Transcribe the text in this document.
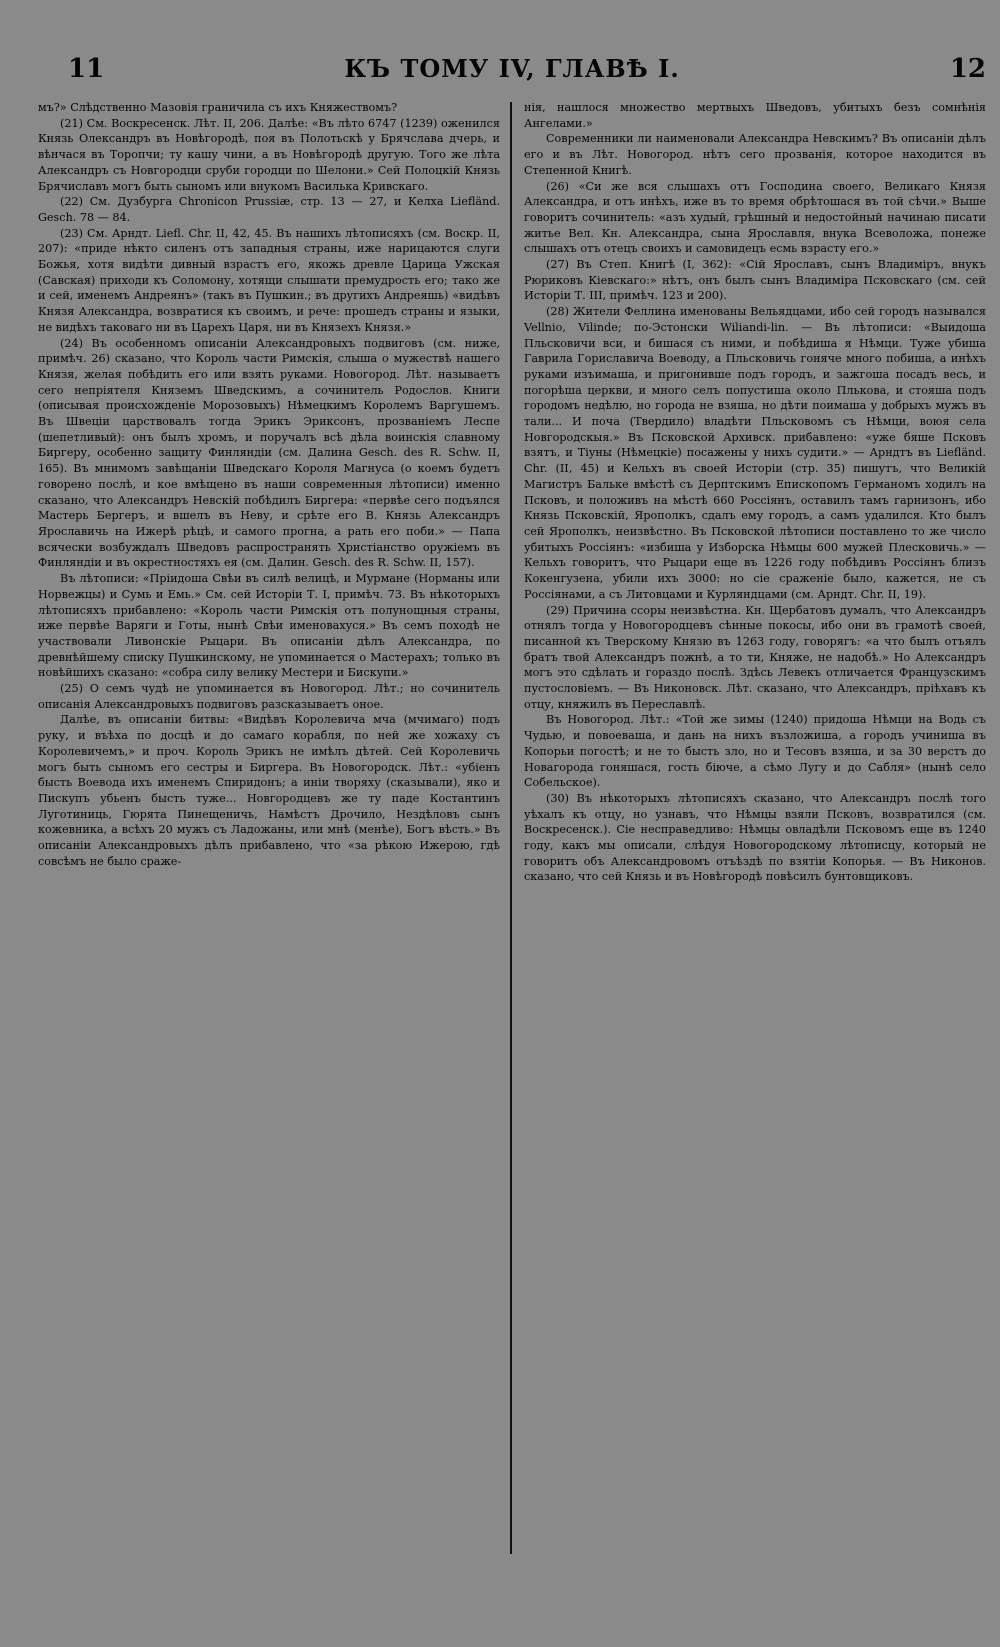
11	КЪ ТОМУ IV, ГЛАВѢ I.	12

мъ?» Слѣдственно Мазовія граничила съ ихъ Княжествомъ?

(21) См. Воскресенск. Лѣт. II, 206. Далѣе: «Въ лѣто 6747 (1239) оженился Князь Олександръ въ Новѣгородѣ, поя въ Полотьскѣ у Брячслава дчерь, и вѣнчася въ Торопчи; ту кашу чини, а въ Новѣгородѣ другую. Того же лѣта Александръ съ Новгородци сруби городци по Шелони.» Сей Полоцкій Князь Брячиславъ могъ быть сыномъ или внукомъ Василька Кривскаго.

(22) См. Дузбурга Chronicon Prussiæ, стр. 13 — 27, и Келха Liefländ. Gesch. 78 — 84.

(23) См. Арндт. Liefl. Chr. II, 42, 45. Въ нашихъ лѣтописяхъ (см. Воскр. II, 207): «приде нѣкто силенъ отъ западныя страны, иже нарицаются слуги Божья, хотя видѣти дивный взрастъ его, якожь древле Царица Ужская (Савская) приходи къ Соломону, хотящи слышати премудрость его; тако же и сей, именемъ Андреянъ» (такъ въ Пушкин.; въ другихъ Андреяшь) «видѣвъ Князя Александра, возвратися къ своимъ, и рече: прошедъ страны и языки, не видѣхъ таковаго ни въ Царехъ Царя, ни въ Князехъ Князя.»

(24) Въ особенномъ описаніи Александровыхъ подвиговъ (см. ниже, примѣч. 26) сказано, что Король части Римскія, слыша о мужествѣ нашего Князя, желая побѣдить его или взять руками. Новогород. Лѣт. называетъ сего непріятеля Княземъ Шведскимъ, а сочинитель Родослов. Книги (описывая происхожденіе Морозовыхъ) Нѣмецкимъ Королемъ Варгушемъ. Въ Швеціи царствовалъ тогда Эрикъ Эриксонъ, прозваніемъ Леспе (шепетливый): онъ былъ хромъ, и поручалъ всѣ дѣла воинскія славному Биргеру, особенно защиту Финляндіи (см. Далина Gesch. des R. Schw. II, 165). Въ мнимомъ завѣщаніи Шведскаго Короля Магнуса (о коемъ будетъ говорено послѣ, и кое вмѣщено въ наши современныя лѣтописи) именно сказано, что Александръ Невскій побѣдилъ Биргера: «первѣе сего подъялся Мастерь Бергеръ, и вшелъ въ Неву, и срѣте его В. Князь Александръ Ярославичь на Ижерѣ рѣцѣ, и самого прогна, а рать его поби.» — Папа всячески возбуждалъ Шведовъ распространять Христіанство оружіемъ въ Финляндіи и въ окрестностяхъ ея (см. Далин. Gesch. des R. Schw. II, 157).

Въ лѣтописи: «Пріидоша Свѣи въ силѣ велицѣ, и Мурмане (Норманы или Норвежцы) и Сумь и Емь.» См. сей Исторіи Т. I, примѣч. 73. Въ нѣкоторыхъ лѣтописяхъ прибавлено: «Король части Римскія отъ полунощныя страны, иже первѣе Варяги и Готы, нынѣ Свѣи именовахуся.» Въ семъ походѣ не участвовали Ливонскіе Рыцари. Въ описаніи дѣлъ Александра, по древнѣйшему списку Пушкинскому, не упоминается о Мастерахъ; только въ новѣйшихъ сказано: «собра силу велику Местери и Бискупи.»

(25) О семъ чудѣ не упоминается въ Новогород. Лѣт.; но сочинитель описанія Александровыхъ подвиговъ разсказываетъ оное.

Далѣе, въ описаніи битвы: «Видѣвъ Королевича мча (мчимаго) подъ руку, и въѣха по досцѣ и до самаго корабля, по ней же хожаху съ Королевичемъ,» и проч. Король Эрикъ не имѣлъ дѣтей. Сей Королевичь могъ быть сыномъ его сестры и Биргера. Въ Новогородск. Лѣт.: «убіенъ бысть Воевода ихъ именемъ Спиридонъ; а иніи творяху (сказывали), яко и Пискупъ убьенъ бысть туже... Новгородцевъ же ту паде Костантинъ Луготиниць, Гюрята Пинещеничь, Намѣстъ Дрочило, Нездѣловъ сынъ кожевника, а всѣхъ 20 мужъ съ Ладожаны, или мнѣ (менѣе), Богъ вѣсть.» Въ описаніи Александровыхъ дѣлъ прибавлено, что «за рѣкою Ижерою, гдѣ совсѣмъ не было сраже-

нія, нашлося множество мертвыхъ Шведовъ, убитыхъ безъ сомнѣнія Ангелами.»

Современники ли наименовали Александра Невскимъ? Въ описаніи дѣлъ его и въ Лѣт. Новогород. нѣтъ сего прозванія, которое находится въ Степенной Книгѣ.

(26) «Си же вся слышахъ отъ Господина своего, Великаго Князя Александра, и отъ инѣхъ, иже въ то время обрѣтошася въ той сѣчи.» Выше говоритъ сочинитель: «азъ худый, грѣшный и недостойный начинаю писати житье Вел. Кн. Александра, сына Ярославля, внука Всеволожа, понеже слышахъ отъ отецъ своихъ и самовидецъ есмь взрасту его.»

(27) Въ Степ. Книгѣ (I, 362): «Сій Ярославъ, сынъ Владиміръ, внукъ Рюриковъ Кіевскаго:» нѣтъ, онъ былъ сынъ Владиміра Псковскаго (см. сей Исторіи Т. III, примѣч. 123 и 200).

(28) Жители Феллина именованы Вельядцами, ибо сей городъ назывался Vellnio, Vilinde; по-Эстонски Wiliandi-lin. — Въ лѣтописи: «Выидоша Пльсковичи вси, и бишася съ ними, и побѣдиша я Нѣмци. Туже убиша Гаврила Гориславича Воеводу, а Пльсковичь гоняче много побиша, а инѣхъ руками изъимаша, и пригонивше подъ городъ, и зажгоша посадъ весь, и погорѣша церкви, и много селъ попустиша около Плькова, и стояша подъ городомъ недѣлю, но города не взяша, но дѣти поимаша у добрыхъ мужъ въ тали... И поча (Твердило) владѣти Пльсковомъ съ Нѣмци, воюя села Новгородскыя.» Въ Псковской Архивск. прибавлено: «уже бяше Псковъ взятъ, и Тіуны (Нѣмецкіе) посажены у нихъ судити.» — Арндтъ въ Liefländ. Chr. (II, 45) и Кельхъ въ своей Исторіи (стр. 35) пишутъ, что Великій Магистръ Бальке вмѣстѣ съ Дерптскимъ Епископомъ Германомъ ходилъ на Псковъ, и положивъ на мѣстѣ 660 Россіянъ, оставилъ тамъ гарнизонъ, ибо Князь Псковскій, Ярополкъ, сдалъ ему городъ, а самъ удалился. Кто былъ сей Ярополкъ, неизвѣстно. Въ Псковской лѣтописи поставлено то же число убитыхъ Россіянъ: «избиша у Изборска Нѣмцы 600 мужей Плесковичь.» — Кельхъ говоритъ, что Рыцари еще въ 1226 году побѣдивъ Россіянъ близъ Кокенгузена, убили ихъ 3000: но сіе сраженіе было, кажется, не съ Россіянами, а съ Литовцами и Курляндцами (см. Арндт. Chr. II, 19).

(29) Причина ссоры неизвѣстна. Кн. Щербатовъ думалъ, что Александръ отнялъ тогда у Новогородцевъ сѣнные покосы, ибо они въ грамотѣ своей, писанной къ Тверскому Князю въ 1263 году, говорягъ: «а что былъ отъялъ братъ твой Александръ пожнѣ, а то ти, Княже, не надобѣ.» Но Александръ могъ это сдѣлать и гораздо послѣ. Здѣсь Левекъ отличается Французскимъ пустословіемъ. — Въ Никоновск. Лѣт. сказано, что Александръ, пріѣхавъ къ отцу, княжилъ въ Переславлѣ.

Въ Новогород. Лѣт.: «Той же зимы (1240) придоша Нѣмци на Водь съ Чудью, и повоеваша, и дань на нихъ възложиша, а городъ учиниша въ Копорьи погостѣ; и не то бысть зло, но и Тесовъ взяша, и за 30 верстъ до Новагорода гоняшася, гость біюче, а сѣмо Лугу и до Сабля» (нынѣ село Собельское).

(30) Въ нѣкоторыхъ лѣтописяхъ сказано, что Александръ послѣ того уѣхалъ къ отцу, но узнавъ, что Нѣмцы взяли Псковъ, возвратился (см. Воскресенск.). Сіе несправедливо: Нѣмцы овладѣли Псковомъ еще въ 1240 году, какъ мы описали, слѣдуя Новогородскому лѣтописцу, который не говоритъ объ Александровомъ отъѣздѣ по взятіи Копорья. — Въ Никонов. сказано, что сей Князь и въ Новѣгородѣ повѣсилъ бунтовщиковъ.
